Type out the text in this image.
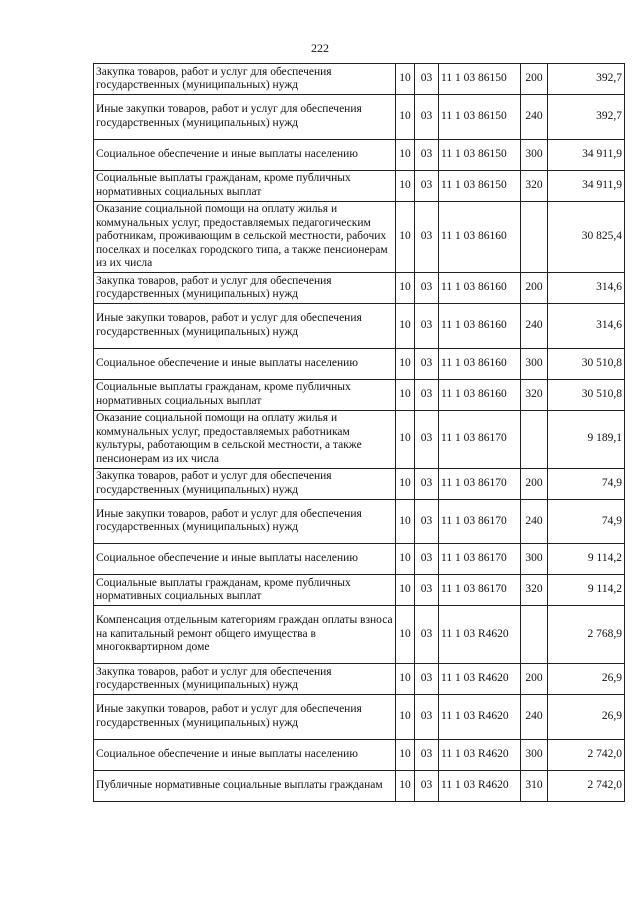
222
Закупка товаров, работ и услуг для обеспечения государственных (муниципальных) нужд	10	03	11 1 03 86150	200	392,7
Иные закупки товаров, работ и услуг для обеспечения государственных (муниципальных) нужд	10	03	11 1 03 86150	240	392,7
Социальное обеспечение и иные выплаты населению	10	03	11 1 03 86150	300	34 911,9
Социальные выплаты гражданам, кроме публичных нормативных социальных выплат	10	03	11 1 03 86150	320	34 911,9
Оказание социальной помощи на оплату жилья и коммунальных услуг, предоставляемых педагогическим работникам, проживающим в сельской местности, рабочих поселках и поселках городского типа, а также пенсионерам из их числа	10	03	11 1 03 86160		30 825,4
Закупка товаров, работ и услуг для обеспечения государственных (муниципальных) нужд	10	03	11 1 03 86160	200	314,6
Иные закупки товаров, работ и услуг для обеспечения государственных (муниципальных) нужд	10	03	11 1 03 86160	240	314,6
Социальное обеспечение и иные выплаты населению	10	03	11 1 03 86160	300	30 510,8
Социальные выплаты гражданам, кроме публичных нормативных социальных выплат	10	03	11 1 03 86160	320	30 510,8
Оказание социальной помощи на оплату жилья и коммунальных услуг, предоставляемых работникам культуры, работающим в сельской местности, а также пенсионерам из их числа	10	03	11 1 03 86170		9 189,1
Закупка товаров, работ и услуг для обеспечения государственных (муниципальных) нужд	10	03	11 1 03 86170	200	74,9
Иные закупки товаров, работ и услуг для обеспечения государственных (муниципальных) нужд	10	03	11 1 03 86170	240	74,9
Социальное обеспечение и иные выплаты населению	10	03	11 1 03 86170	300	9 114,2
Социальные выплаты гражданам, кроме публичных нормативных социальных выплат	10	03	11 1 03 86170	320	9 114,2
Компенсация отдельным категориям граждан оплаты взноса на капитальный ремонт общего имущества в многоквартирном доме	10	03	11 1 03 R4620		2 768,9
Закупка товаров, работ и услуг для обеспечения государственных (муниципальных) нужд	10	03	11 1 03 R4620	200	26,9
Иные закупки товаров, работ и услуг для обеспечения государственных (муниципальных) нужд	10	03	11 1 03 R4620	240	26,9
Социальное обеспечение и иные выплаты населению	10	03	11 1 03 R4620	300	2 742,0
Публичные нормативные социальные выплаты гражданам	10	03	11 1 03 R4620	310	2 742,0
